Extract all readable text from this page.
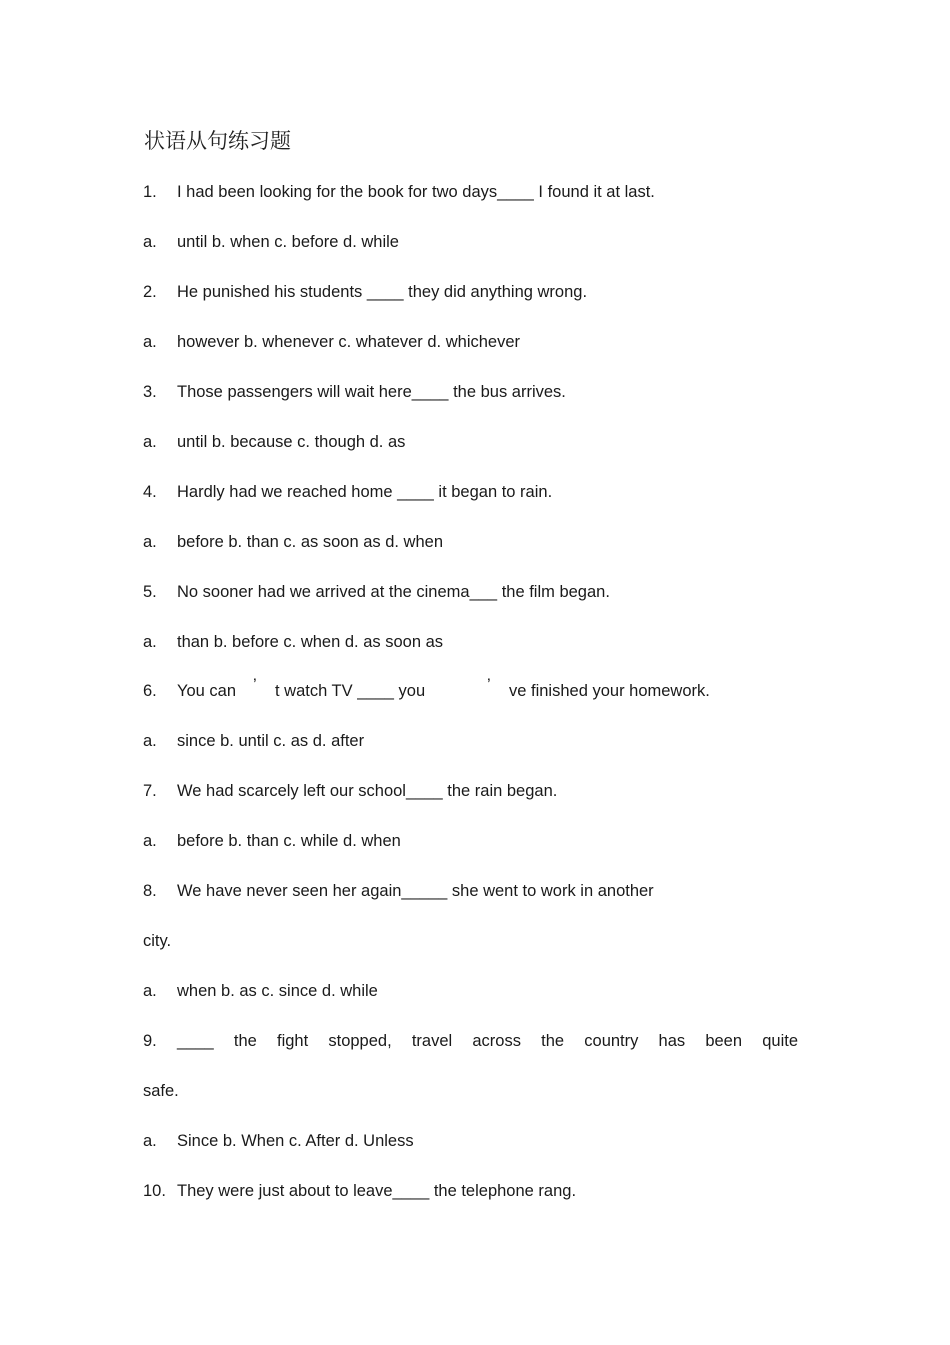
状语从句练习题
1. I had been looking for the book for two days____ I found it at last.
a. until b. when c. before d. while
2. He punished his students ____ they did anything wrong.
a. however b. whenever c. whatever d. whichever
3. Those passengers will wait here____ the bus arrives.
a. until b. because c. though d. as
4. Hardly had we reached home ____ it began to rain.
a. before b. than c. as soon as d. when
5. No sooner had we arrived at the cinema___ the film began.
a. than b. before c. when d. as soon as
6. You can ’ t watch TV ____ you	’ ve finished your homework.
a. since b. until c. as d. after
7. We had scarcely left our school____ the rain began.
a. before b. than c. while d. when
8. We have never seen her again_____ she went to work in another
city.
a. when b. as c. since d. while
9. ____ the fight stopped, travel across the country has been quite
safe.
a. Since b. When c. After d. Unless
10. They were just about to leave____ the telephone rang.
